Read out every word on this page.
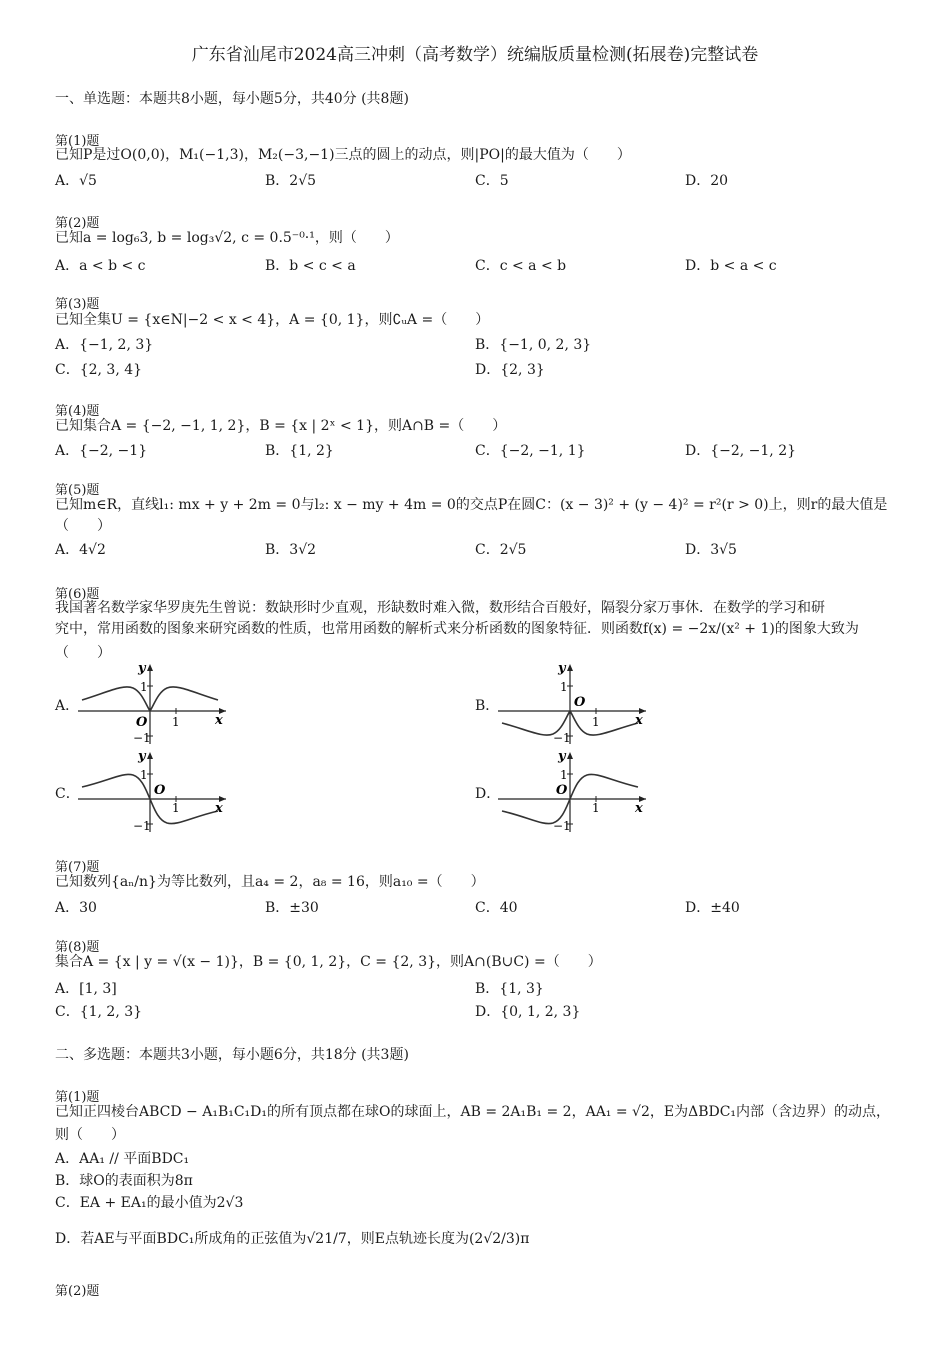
广东省汕尾市2024高三冲刺（高考数学）统编版质量检测(拓展卷)完整试卷
一、单选题：本题共8小题，每小题5分，共40分 (共8题)
第(1)题
已知P是过O(0,0)，M₁(−1,3)，M₂(−3,−1)三点的圆上的动点，则|PO|的最大值为（　　）
A．√5	B．2√5	C．5	D．20
第(2)题
已知a = log₆3, b = log₃√2, c = 0.5⁻⁰·¹，则（　　）
A．a < b < c	B．b < c < a	C．c < a < b	D．b < a < c
第(3)题
已知全集U = {x∈N|−2 < x < 4}，A = {0, 1}，则∁ᵤA =（　　）
A．{−1, 2, 3}	B．{−1, 0, 2, 3}
C．{2, 3, 4}	D．{2, 3}
第(4)题
已知集合A = {−2, −1, 1, 2}，B = {x | 2ˣ < 1}，则A∩B =（　　）
A．{−2, −1}	B．{1, 2}	C．{−2, −1, 1}	D．{−2, −1, 2}
第(5)题
已知m∈R，直线l₁: mx + y + 2m = 0与l₂: x − my + 4m = 0的交点P在圆C：(x − 3)² + (y − 4)² = r²(r > 0)上，则r的最大值是
（　　）
A．4√2	B．3√2	C．2√5	D．3√5
第(6)题
我国著名数学家华罗庚先生曾说：数缺形时少直观，形缺数时难入微，数形结合百般好，隔裂分家万事休．在数学的学习和研
究中，常用函数的图象来研究函数的性质，也常用函数的解析式来分析函数的图象特征．则函数f(x) = −2x/(x² + 1)的图象大致为
（　　）
A．	B．
C．	D．
y
1
O 1	x
−1
y
1
O
1	x
−1
y
1
O
1	x
−1
y
1
O
1	x
−1
第(7)题
已知数列{aₙ/n}为等比数列，且a₄ = 2，a₈ = 16，则a₁₀ =（　　）
A．30	B．±30	C．40	D．±40
第(8)题
集合A = {x | y = √(x − 1)}，B = {0, 1, 2}，C = {2, 3}，则A∩(B∪C) =（　　）
A．[1, 3]	B．{1, 3}
C．{1, 2, 3}	D．{0, 1, 2, 3}
二、多选题：本题共3小题，每小题6分，共18分 (共3题)
第(1)题
已知正四棱台ABCD − A₁B₁C₁D₁的所有顶点都在球O的球面上，AB = 2A₁B₁ = 2，AA₁ = √2，E为ΔBDC₁内部（含边界）的动点，
则（　　）
A．AA₁ // 平面BDC₁
B．球O的表面积为8π
C．EA + EA₁的最小值为2√3
D．若AE与平面BDC₁所成角的正弦值为√21/7，则E点轨迹长度为(2√2/3)π
第(2)题
